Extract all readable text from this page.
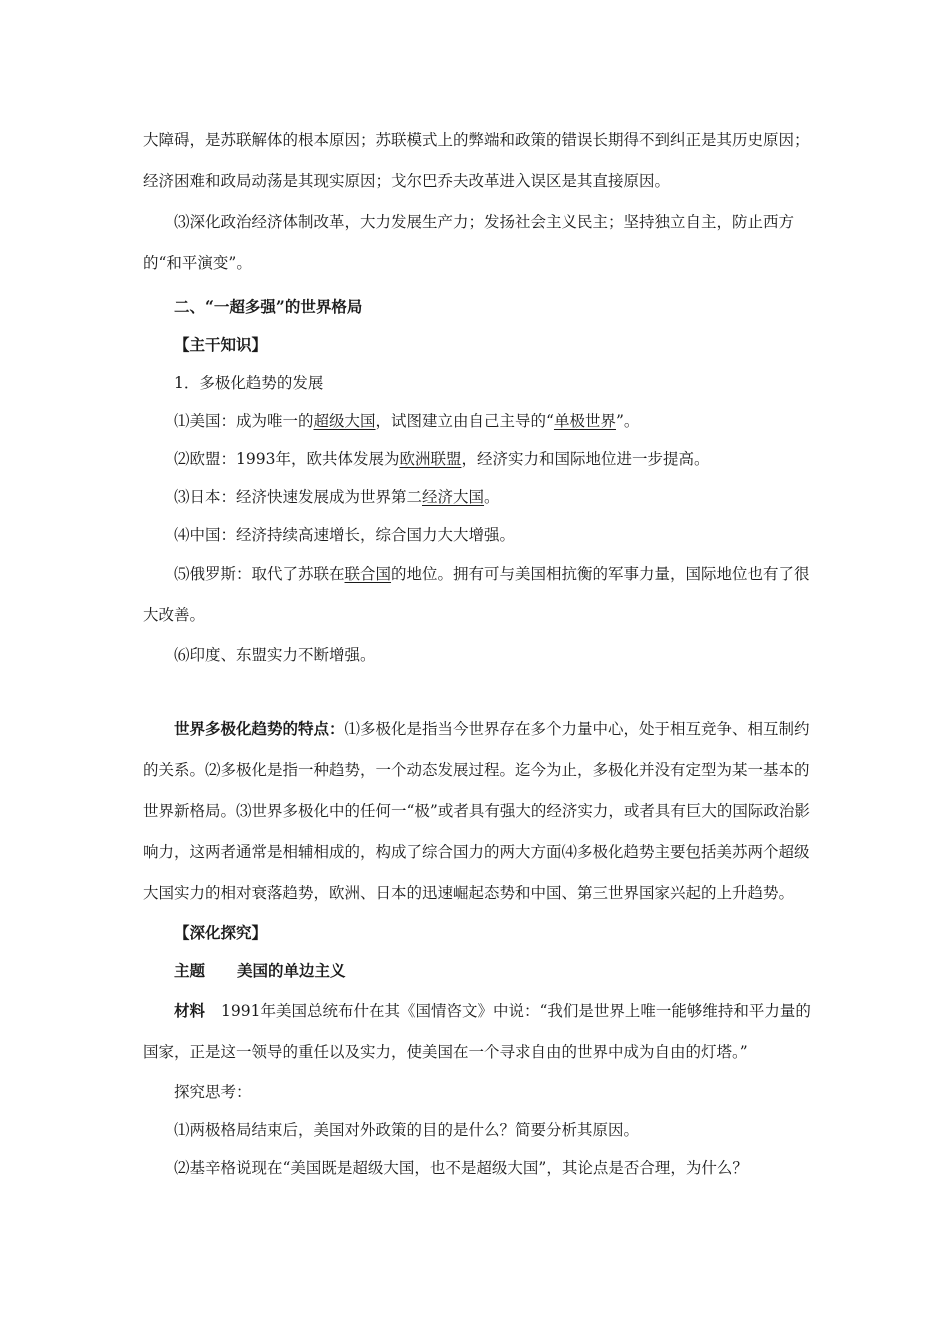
大障碍，是苏联解体的根本原因；苏联模式上的弊端和政策的错误长期得不到纠正是其历史原因；经济困难和政局动荡是其现实原因；戈尔巴乔夫改革进入误区是其直接原因。

⑶深化政治经济体制改革，大力发展生产力；发扬社会主义民主；坚持独立自主，防止西方的“和平演变”。

二、“一超多强”的世界格局

【主干知识】

1．多极化趋势的发展

⑴美国：成为唯一的超级大国，试图建立由自己主导的“单极世界”。

⑵欧盟：1993年，欧共体发展为欧洲联盟，经济实力和国际地位进一步提高。

⑶日本：经济快速发展成为世界第二经济大国。

⑷中国：经济持续高速增长，综合国力大大增强。

⑸俄罗斯：取代了苏联在联合国的地位。拥有可与美国相抗衡的军事力量，国际地位也有了很大改善。

⑹印度、东盟实力不断增强。

世界多极化趋势的特点：⑴多极化是指当今世界存在多个力量中心，处于相互竞争、相互制约的关系。⑵多极化是指一种趋势，一个动态发展过程。迄今为止，多极化并没有定型为某一基本的世界新格局。⑶世界多极化中的任何一“极”或者具有强大的经济实力，或者具有巨大的国际政治影响力，这两者通常是相辅相成的，构成了综合国力的两大方面⑷多极化趋势主要包括美苏两个超级大国实力的相对衰落趋势，欧洲、日本的迅速崛起态势和中国、第三世界国家兴起的上升趋势。

【深化探究】

主题 美国的单边主义

材料 1991年美国总统布什在其《国情咨文》中说：“我们是世界上唯一能够维持和平力量的国家，正是这一领导的重任以及实力，使美国在一个寻求自由的世界中成为自由的灯塔。”

探究思考：

⑴两极格局结束后，美国对外政策的目的是什么？简要分析其原因。

⑵基辛格说现在“美国既是超级大国，也不是超级大国”，其论点是否合理，为什么？
